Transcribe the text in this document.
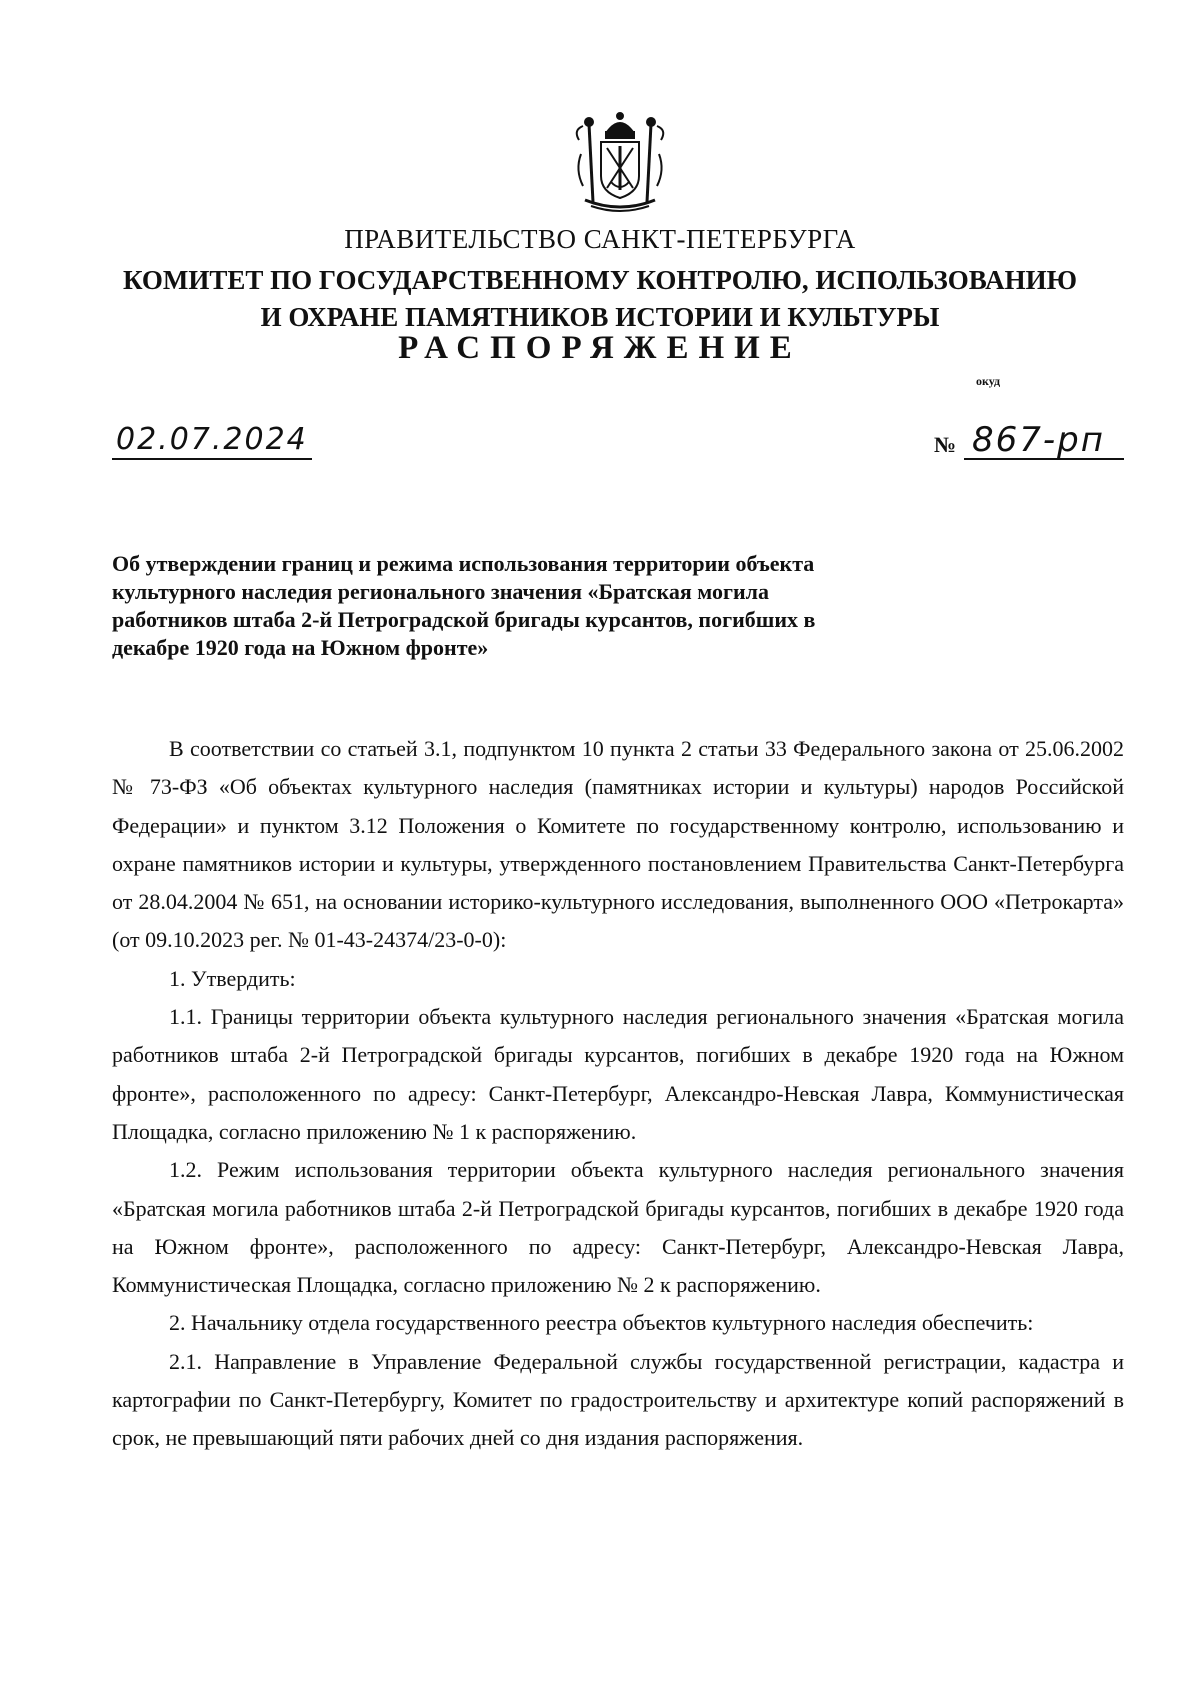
ПРАВИТЕЛЬСТВО САНКТ-ПЕТЕРБУРГА
КОМИТЕТ ПО ГОСУДАРСТВЕННОМУ КОНТРОЛЮ, ИСПОЛЬЗОВАНИЮ
И ОХРАНЕ ПАМЯТНИКОВ ИСТОРИИ И КУЛЬТУРЫ
РАСПОРЯЖЕНИЕ
окуд
02.07.2024	№ 867-рп
Об утверждении границ и режима использования территории объекта культурного наследия регионального значения «Братская могила работников штаба 2-й Петроградской бригады курсантов, погибших в декабре 1920 года на Южном фронте»

В соответствии со статьей 3.1, подпунктом 10 пункта 2 статьи 33 Федерального закона от 25.06.2002 № 73-ФЗ «Об объектах культурного наследия (памятниках истории и культуры) народов Российской Федерации» и пунктом 3.12 Положения о Комитете по государственному контролю, использованию и охране памятников истории и культуры, утвержденного постановлением Правительства Санкт-Петербурга от 28.04.2004 № 651, на основании историко-культурного исследования, выполненного ООО «Петрокарта» (от 09.10.2023 рег. № 01-43-24374/23-0-0):

1. Утвердить:

1.1. Границы территории объекта культурного наследия регионального значения «Братская могила работников штаба 2-й Петроградской бригады курсантов, погибших в декабре 1920 года на Южном фронте», расположенного по адресу: Санкт-Петербург, Александро-Невская Лавра, Коммунистическая Площадка, согласно приложению № 1 к распоряжению.

1.2. Режим использования территории объекта культурного наследия регионального значения «Братская могила работников штаба 2-й Петроградской бригады курсантов, погибших в декабре 1920 года на Южном фронте», расположенного по адресу: Санкт-Петербург, Александро-Невская Лавра, Коммунистическая Площадка, согласно приложению № 2 к распоряжению.

2. Начальнику отдела государственного реестра объектов культурного наследия обеспечить:

2.1. Направление в Управление Федеральной службы государственной регистрации, кадастра и картографии по Санкт-Петербургу, Комитет по градостроительству и архитектуре копий распоряжений в срок, не превышающий пяти рабочих дней со дня издания распоряжения.
